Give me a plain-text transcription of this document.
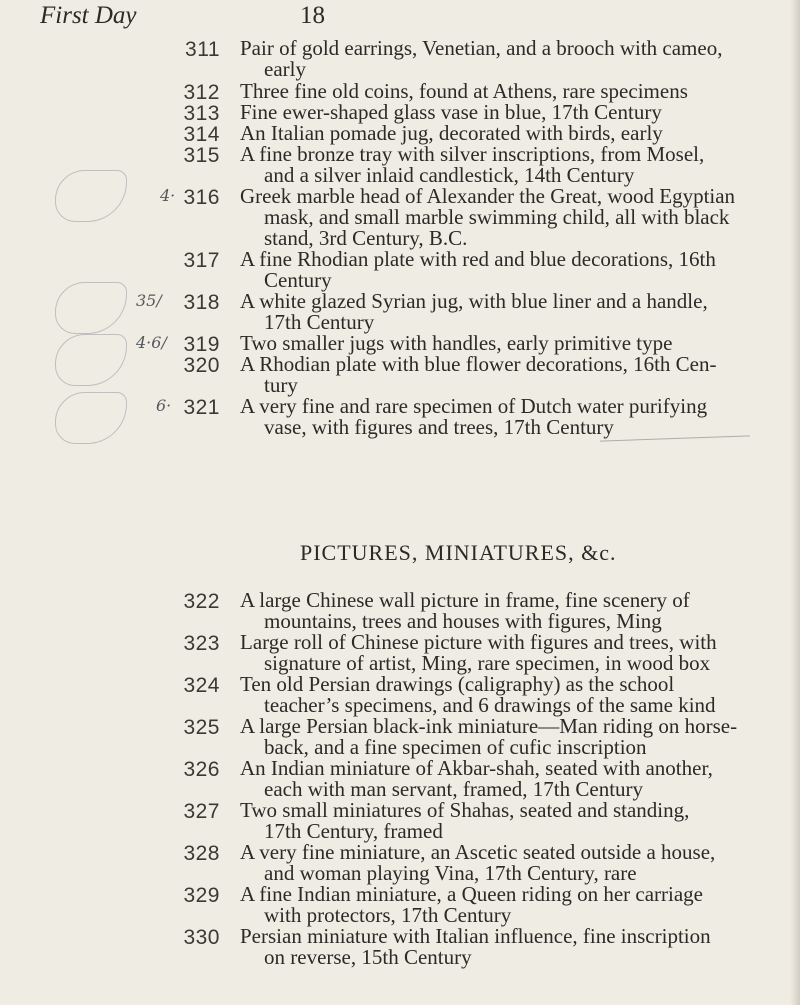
First Day	18
311 Pair of gold earrings, Venetian, and a brooch with cameo,
early
312 Three fine old coins, found at Athens, rare specimens
313 Fine ewer-shaped glass vase in blue, 17th Century
314 An Italian pomade jug, decorated with birds, early
315 A fine bronze tray with silver inscriptions, from Mosel,
and a silver inlaid candlestick, 14th Century
4· 316 Greek marble head of Alexander the Great, wood Egyptian
mask, and small marble swimming child, all with black
stand, 3rd Century, B.C.
317 A fine Rhodian plate with red and blue decorations, 16th
Century
35/	318 A white glazed Syrian jug, with blue liner and a handle,
17th Century
4·6/ 319 Two smaller jugs with handles, early primitive type
320 A Rhodian plate with blue flower decorations, 16th Cen-
tury
6· 321 A very fine and rare specimen of Dutch water purifying
vase, with figures and trees, 17th Century
PICTURES, MINIATURES, &c.
322 A large Chinese wall picture in frame, fine scenery of
mountains, trees and houses with figures, Ming
323 Large roll of Chinese picture with figures and trees, with
signature of artist, Ming, rare specimen, in wood box
324 Ten old Persian drawings (caligraphy) as the school
teacher’s specimens, and 6 drawings of the same kind
325 A large Persian black-ink miniature—Man riding on horse-
back, and a fine specimen of cufic inscription
326 An Indian miniature of Akbar-shah, seated with another,
each with man servant, framed, 17th Century
327 Two small miniatures of Shahas, seated and standing,
17th Century, framed
328 A very fine miniature, an Ascetic seated outside a house,
and woman playing Vina, 17th Century, rare
329 A fine Indian miniature, a Queen riding on her carriage
with protectors, 17th Century
330 Persian miniature with Italian influence, fine inscription
on reverse, 15th Century
